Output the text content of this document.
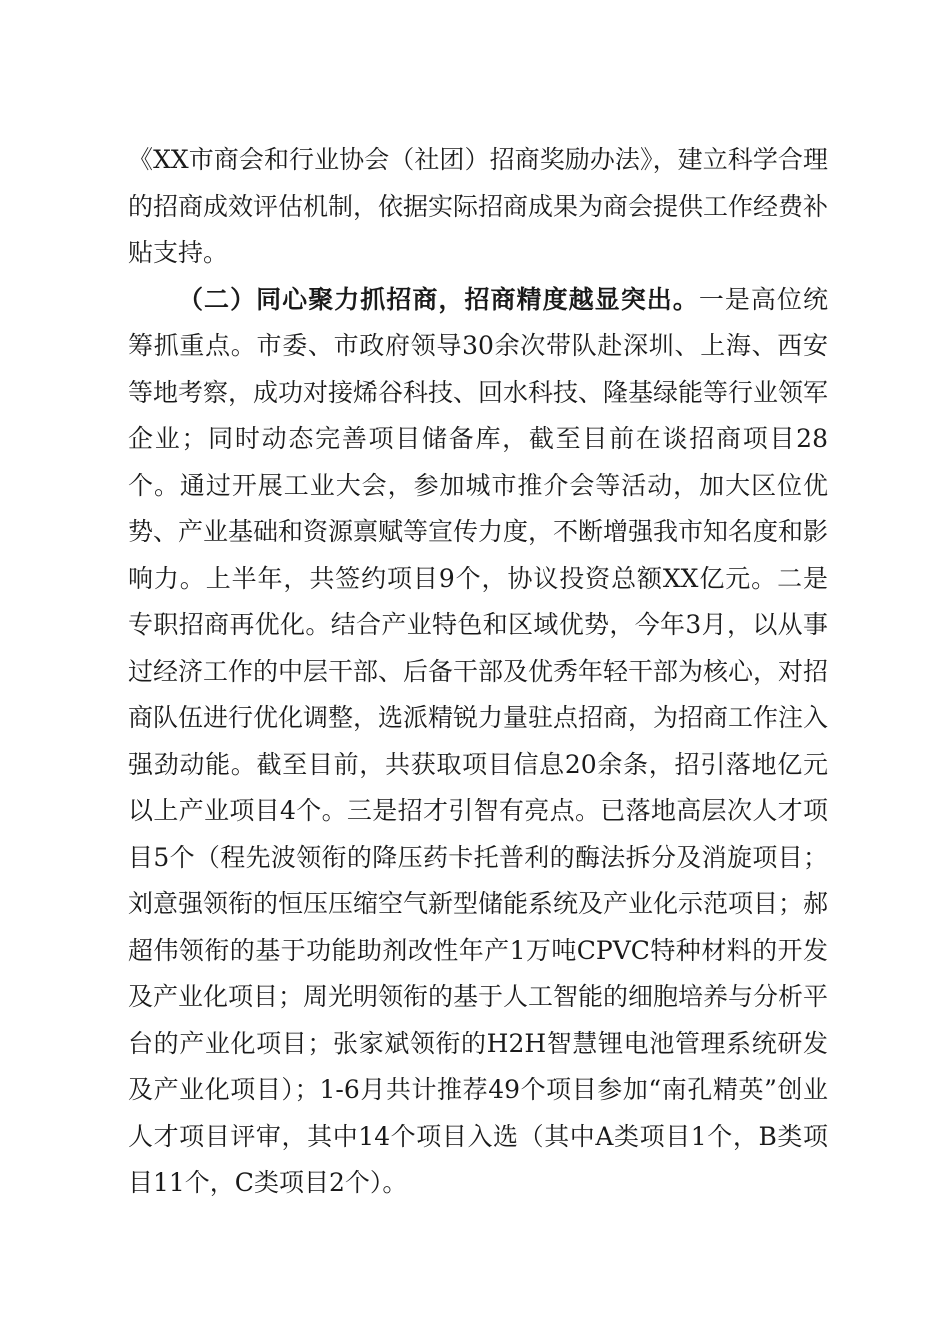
《XX市商会和行业协会（社团）招商奖励办法》，建立科学合理的招商成效评估机制，依据实际招商成果为商会提供工作经费补贴支持。

（二）同心聚力抓招商，招商精度越显突出。一是高位统筹抓重点。市委、市政府领导30余次带队赴深圳、上海、西安等地考察，成功对接烯谷科技、回水科技、隆基绿能等行业领军企业；同时动态完善项目储备库，截至目前在谈招商项目28个。通过开展工业大会，参加城市推介会等活动，加大区位优势、产业基础和资源禀赋等宣传力度，不断增强我市知名度和影响力。上半年，共签约项目9个，协议投资总额XX亿元。二是专职招商再优化。结合产业特色和区域优势，今年3月，以从事过经济工作的中层干部、后备干部及优秀年轻干部为核心，对招商队伍进行优化调整，选派精锐力量驻点招商，为招商工作注入强劲动能。截至目前，共获取项目信息20余条，招引落地亿元以上产业项目4个。三是招才引智有亮点。已落地高层次人才项目5个（程先波领衔的降压药卡托普利的酶法拆分及消旋项目；刘意强领衔的恒压压缩空气新型储能系统及产业化示范项目；郝超伟领衔的基于功能助剂改性年产1万吨CPVC特种材料的开发及产业化项目；周光明领衔的基于人工智能的细胞培养与分析平台的产业化项目；张家斌领衔的H2H智慧锂电池管理系统研发及产业化项目）；1-6月共计推荐49个项目参加“南孔精英”创业人才项目评审，其中14个项目入选（其中A类项目1个，B类项目11个，C类项目2个）。
